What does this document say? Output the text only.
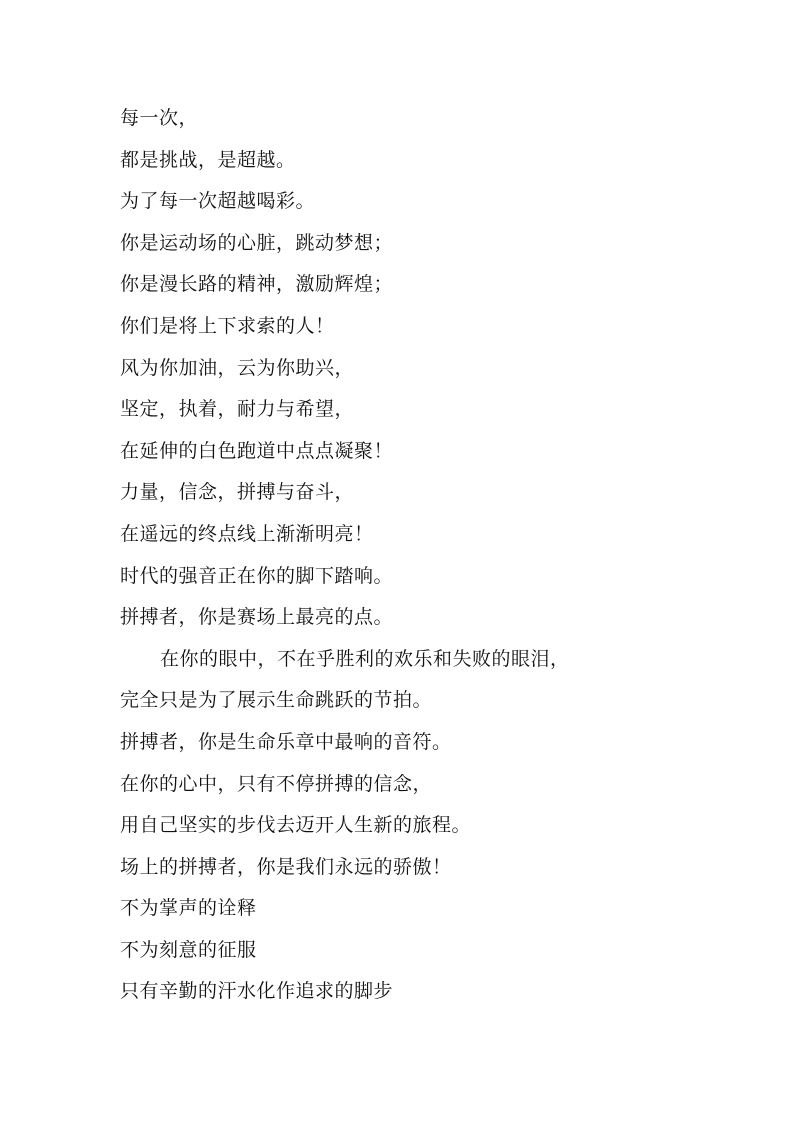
每一次，
都是挑战，是超越。
为了每一次超越喝彩。
你是运动场的心脏，跳动梦想；
你是漫长路的精神，激励辉煌；
你们是将上下求索的人！
风为你加油，云为你助兴，
坚定，执着，耐力与希望，
在延伸的白色跑道中点点凝聚！
力量，信念，拼搏与奋斗，
在遥远的终点线上渐渐明亮！
时代的强音正在你的脚下踏响。
拼搏者，你是赛场上最亮的点。
在你的眼中，不在乎胜利的欢乐和失败的眼泪，
完全只是为了展示生命跳跃的节拍。
拼搏者，你是生命乐章中最响的音符。
在你的心中，只有不停拼搏的信念，
用自己坚实的步伐去迈开人生新的旅程。
场上的拼搏者，你是我们永远的骄傲！
不为掌声的诠释
不为刻意的征服
只有辛勤的汗水化作追求的脚步
